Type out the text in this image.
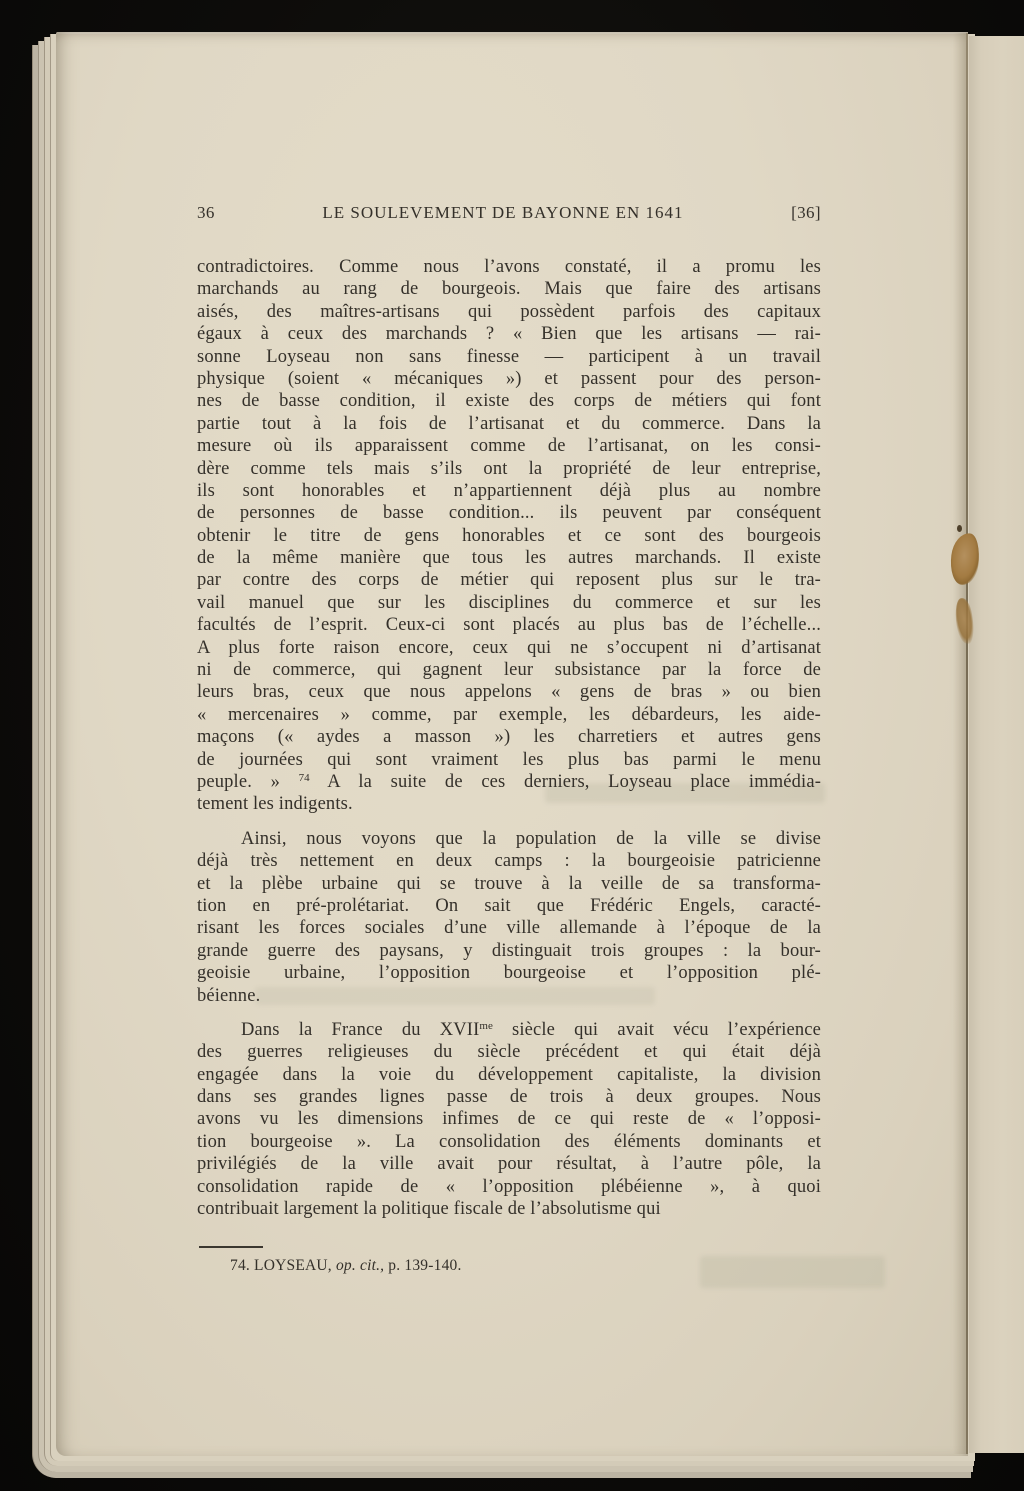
36	LE SOULEVEMENT DE BAYONNE EN 1641	[36]
contradictoires. Comme nous l’avons constaté, il a promu les
marchands au rang de bourgeois. Mais que faire des artisans
aisés, des maîtres-artisans qui possèdent parfois des capitaux
égaux à ceux des marchands ? « Bien que les artisans — rai-
sonne Loyseau non sans finesse — participent à un travail
physique (soient « mécaniques ») et passent pour des person-
nes de basse condition, il existe des corps de métiers qui font
partie tout à la fois de l’artisanat et du commerce. Dans la
mesure où ils apparaissent comme de l’artisanat, on les consi-
dère comme tels mais s’ils ont la propriété de leur entreprise,
ils sont honorables et n’appartiennent déjà plus au nombre
de personnes de basse condition... ils peuvent par conséquent
obtenir le titre de gens honorables et ce sont des bourgeois
de la même manière que tous les autres marchands. Il existe
par contre des corps de métier qui reposent plus sur le tra-
vail manuel que sur les disciplines du commerce et sur les
facultés de l’esprit. Ceux-ci sont placés au plus bas de l’échelle...
A plus forte raison encore, ceux qui ne s’occupent ni d’artisanat
ni de commerce, qui gagnent leur subsistance par la force de
leurs bras, ceux que nous appelons « gens de bras » ou bien
« mercenaires » comme, par exemple, les débardeurs, les aide-
maçons (« aydes a masson ») les charretiers et autres gens
de journées qui sont vraiment les plus bas parmi le menu
peuple. » $^{74}$ A la suite de ces derniers, Loyseau place immédia-
tement les indigents.
Ainsi, nous voyons que la population de la ville se divise
déjà très nettement en deux camps : la bourgeoisie patricienne
et la plèbe urbaine qui se trouve à la veille de sa transforma-
tion en pré-prolétariat. On sait que Frédéric Engels, caracté-
risant les forces sociales d’une ville allemande à l’époque de la
grande guerre des paysans, y distinguait trois groupes : la bour-
geoisie urbaine, l’opposition bourgeoise et l’opposition plé-
béienne.
Dans la France du $XVII^{me}$ siècle qui avait vécu l’expérience
des guerres religieuses du siècle précédent et qui était déjà
engagée dans la voie du développement capitaliste, la division
dans ses grandes lignes passe de trois à deux groupes. Nous
avons vu les dimensions infimes de ce qui reste de « l’opposi-
tion bourgeoise ». La consolidation des éléments dominants et
privilégiés de la ville avait pour résultat, à l’autre pôle, la
consolidation rapide de « l’opposition plébéienne », à quoi
contribuait largement la politique fiscale de l’absolutisme qui
74. LOYSEAU, op. cit., p. 139-140.
